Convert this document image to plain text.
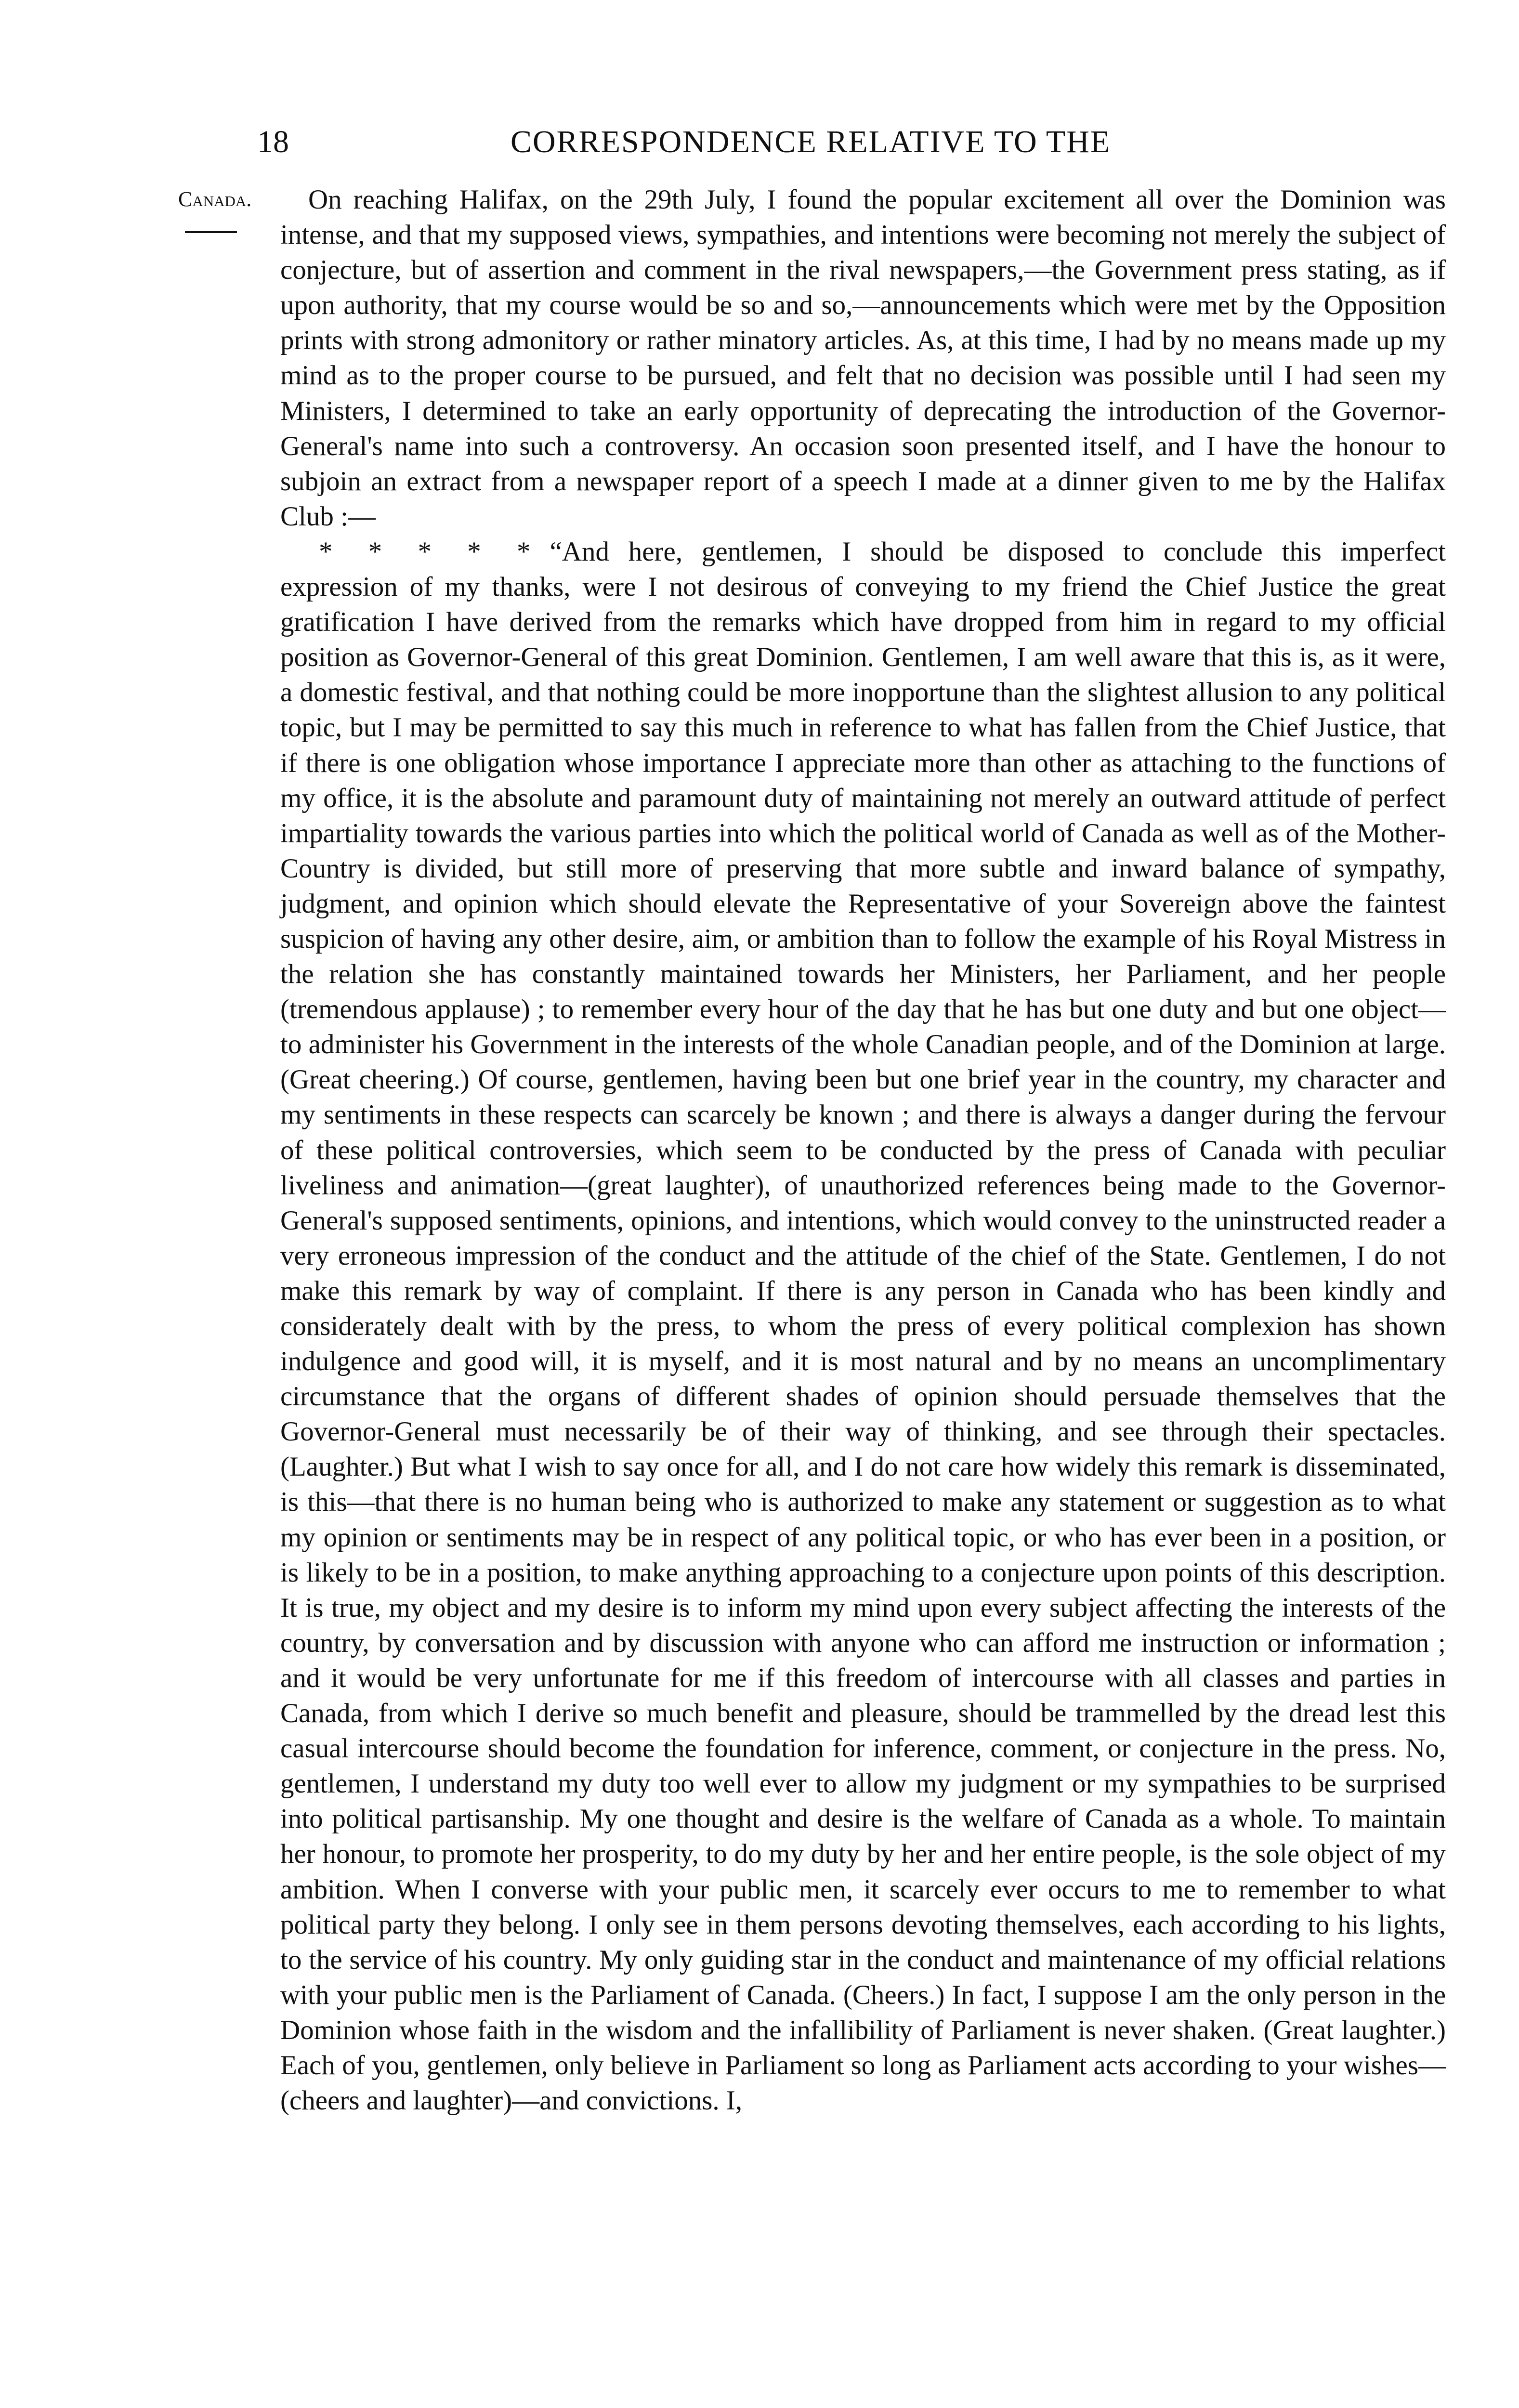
18	CORRESPONDENCE RELATIVE TO THE
Canada.	On reaching Halifax, on the 29th July, I found the popular excitement all over the Dominion was intense, and that my supposed views, sympathies, and intentions were becoming not merely the subject of conjecture, but of assertion and comment in the rival newspapers,—the Government press stating, as if upon authority, that my course would be so and so,—announcements which were met by the Opposition prints with strong admonitory or rather minatory articles. As, at this time, I had by no means made up my mind as to the proper course to be pursued, and felt that no decision was possible until I had seen my Ministers, I determined to take an early opportunity of deprecating the introduction of the Governor-General's name into such a controversy. An occasion soon presented itself, and I have the honour to subjoin an extract from a newspaper report of a speech I made at a dinner given to me by the Halifax Club :—

* * * * * “And here, gentlemen, I should be disposed to conclude this imperfect expression of my thanks, were I not desirous of conveying to my friend the Chief Justice the great gratification I have derived from the remarks which have dropped from him in regard to my official position as Governor-General of this great Dominion. Gentlemen, I am well aware that this is, as it were, a domestic festival, and that nothing could be more inopportune than the slightest allusion to any political topic, but I may be permitted to say this much in reference to what has fallen from the Chief Justice, that if there is one obligation whose importance I appreciate more than other as attaching to the functions of my office, it is the absolute and paramount duty of maintaining not merely an outward attitude of perfect impartiality towards the various parties into which the political world of Canada as well as of the Mother-Country is divided, but still more of preserving that more subtle and inward balance of sympathy, judgment, and opinion which should elevate the Representative of your Sovereign above the faintest suspicion of having any other desire, aim, or ambition than to follow the example of his Royal Mistress in the relation she has constantly maintained towards her Ministers, her Parliament, and her people (tremendous applause) ; to remember every hour of the day that he has but one duty and but one object—to administer his Government in the interests of the whole Canadian people, and of the Dominion at large. (Great cheering.) Of course, gentlemen, having been but one brief year in the country, my character and my sentiments in these respects can scarcely be known ; and there is always a danger during the fervour of these political controversies, which seem to be conducted by the press of Canada with peculiar liveliness and animation—(great laughter), of unauthorized references being made to the Governor-General's supposed sentiments, opinions, and intentions, which would convey to the uninstructed reader a very erroneous impression of the conduct and the attitude of the chief of the State. Gentlemen, I do not make this remark by way of complaint. If there is any person in Canada who has been kindly and considerately dealt with by the press, to whom the press of every political complexion has shown indulgence and good will, it is myself, and it is most natural and by no means an uncomplimentary circumstance that the organs of different shades of opinion should persuade themselves that the Governor-General must necessarily be of their way of thinking, and see through their spectacles. (Laughter.) But what I wish to say once for all, and I do not care how widely this remark is disseminated, is this—that there is no human being who is authorized to make any statement or suggestion as to what my opinion or sentiments may be in respect of any political topic, or who has ever been in a position, or is likely to be in a position, to make anything approaching to a conjecture upon points of this description. It is true, my object and my desire is to inform my mind upon every subject affecting the interests of the country, by conversation and by discussion with anyone who can afford me instruction or information ; and it would be very unfortunate for me if this freedom of intercourse with all classes and parties in Canada, from which I derive so much benefit and pleasure, should be trammelled by the dread lest this casual intercourse should become the foundation for inference, comment, or conjecture in the press. No, gentlemen, I understand my duty too well ever to allow my judgment or my sympathies to be surprised into political partisanship. My one thought and desire is the welfare of Canada as a whole. To maintain her honour, to promote her prosperity, to do my duty by her and her entire people, is the sole object of my ambition. When I converse with your public men, it scarcely ever occurs to me to remember to what political party they belong. I only see in them persons devoting themselves, each according to his lights, to the service of his country. My only guiding star in the conduct and maintenance of my official relations with your public men is the Parliament of Canada. (Cheers.) In fact, I suppose I am the only person in the Dominion whose faith in the wisdom and the infallibility of Parliament is never shaken. (Great laughter.) Each of you, gentlemen, only believe in Parliament so long as Parliament acts according to your wishes—(cheers and laughter)—and convictions. I,
